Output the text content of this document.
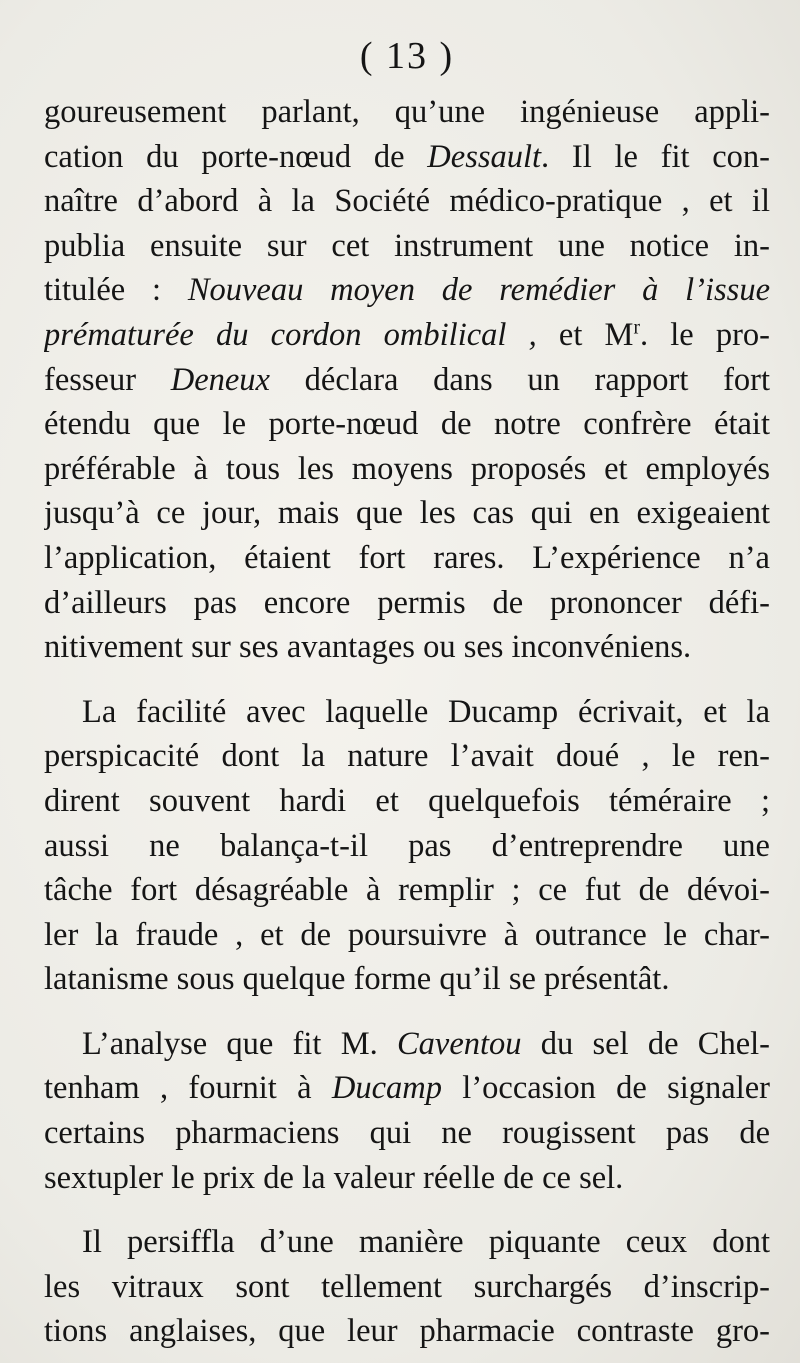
( 13 )
goureusement parlant, qu’une ingénieuse appli-
cation du porte-nœud de Dessault. Il le fit con-
naître d’abord à la Société médico-pratique , et il
publia ensuite sur cet instrument une notice in-
titulée : Nouveau moyen de remédier à l’issue
prématurée du cordon ombilical , et $M^r$. le pro-
fesseur Deneux déclara dans un rapport fort
étendu que le porte-nœud de notre confrère était
préférable à tous les moyens proposés et employés
jusqu’à ce jour, mais que les cas qui en exigeaient
l’application, étaient fort rares. L’expérience n’a
d’ailleurs pas encore permis de prononcer défi-
nitivement sur ses avantages ou ses inconvéniens.
La facilité avec laquelle Ducamp écrivait, et la
perspicacité dont la nature l’avait doué , le ren-
dirent souvent hardi et quelquefois téméraire ;
aussi ne balança-t-il pas d’entreprendre une
tâche fort désagréable à remplir ; ce fut de dévoi-
ler la fraude , et de poursuivre à outrance le char-
latanisme sous quelque forme qu’il se présentât.
L’analyse que fit M. Caventou du sel de Chel-
tenham , fournit à Ducamp l’occasion de signaler
certains pharmaciens qui ne rougissent pas de
sextupler le prix de la valeur réelle de ce sel.
Il persiffla d’une manière piquante ceux dont
les vitraux sont tellement surchargés d’inscrip-
tions anglaises, que leur pharmacie contraste gro-
